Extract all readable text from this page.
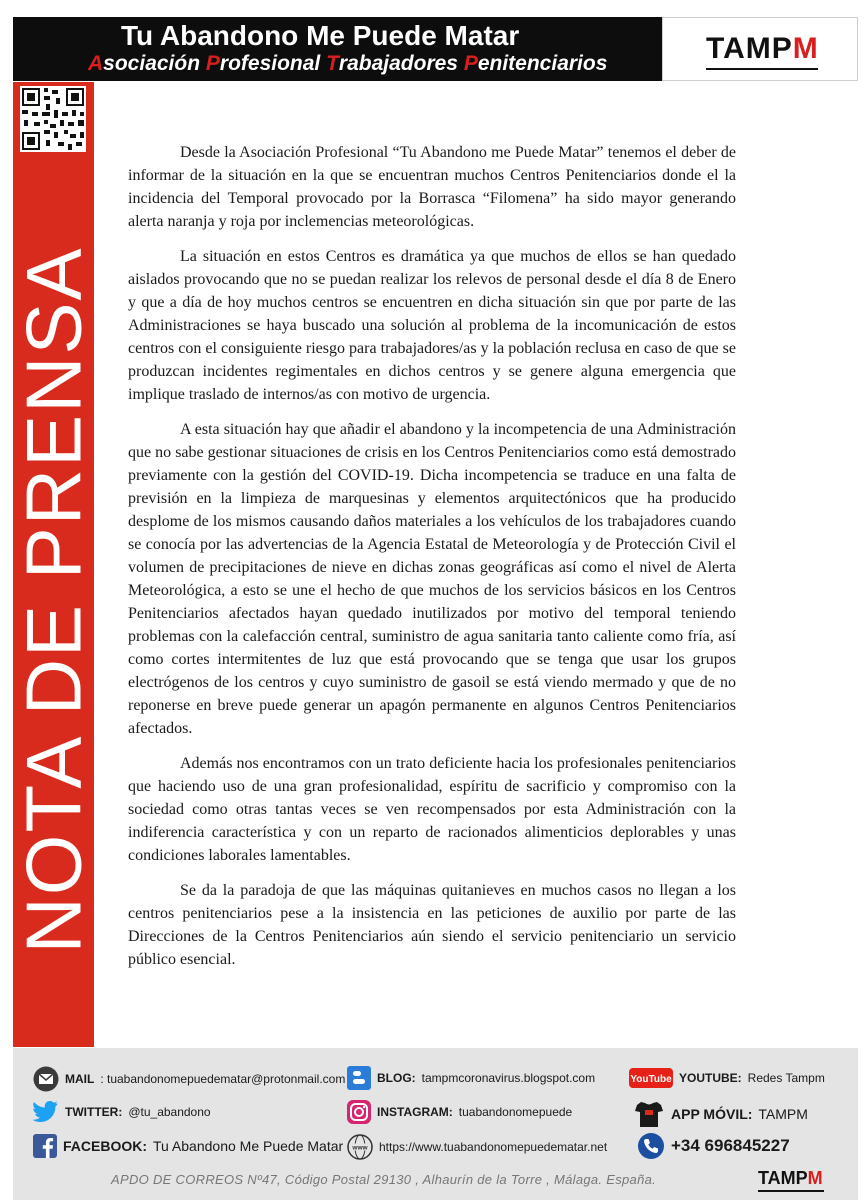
Tu Abandono Me Puede Matar
Asociación Profesional Trabajadores Penitenciarios	TAMPM
NOTA DE PRENSA

Desde la Asociación Profesional “Tu Abandono me Puede Matar” tenemos el deber de informar de la situación en la que se encuentran muchos Centros Penitenciarios donde el la incidencia del Temporal provocado por la Borrasca “Filomena” ha sido mayor generando alerta naranja y roja por inclemencias meteorológicas.

La situación en estos Centros es dramática ya que muchos de ellos se han quedado aislados provocando que no se puedan realizar los relevos de personal desde el día 8 de Enero y que a día de hoy muchos centros se encuentren en dicha situación sin que por parte de las Administraciones se haya buscado una solución al problema de la incomunicación de estos centros con el consiguiente riesgo para trabajadores/as y la población reclusa en caso de que se produzcan incidentes regimentales en dichos centros y se genere alguna emergencia que implique traslado de internos/as con motivo de urgencia.

A esta situación hay que añadir el abandono y la incompetencia de una Administración que no sabe gestionar situaciones de crisis en los Centros Penitenciarios como está demostrado previamente con la gestión del COVID-19. Dicha incompetencia se traduce en una falta de previsión en la limpieza de marquesinas y elementos arquitectónicos que ha producido desplome de los mismos causando daños materiales a los vehículos de los trabajadores cuando se conocía por las advertencias de la Agencia Estatal de Meteorología y de Protección Civil el volumen de precipitaciones de nieve en dichas zonas geográficas así como el nivel de Alerta Meteorológica, a esto se une el hecho de que muchos de los servicios básicos en los Centros Penitenciarios afectados hayan quedado inutilizados por motivo del temporal teniendo problemas con la calefacción central, suministro de agua sanitaria tanto caliente como fría, así como cortes intermitentes de luz que está provocando que se tenga que usar los grupos electrógenos de los centros y cuyo suministro de gasoil se está viendo mermado y que de no reponerse en breve puede generar un apagón permanente en algunos Centros Penitenciarios afectados.

Además nos encontramos con un trato deficiente hacia los profesionales penitenciarios que haciendo uso de una gran profesionalidad, espíritu de sacrificio y compromiso con la sociedad como otras tantas veces se ven recompensados por esta Administración con la indiferencia característica y con un reparto de racionados alimenticios deplorables y unas condiciones laborales lamentables.

Se da la paradoja de que las máquinas quitanieves en muchos casos no llegan a los centros penitenciarios pese a la insistencia en las peticiones de auxilio por parte de las Direcciones de la Centros Penitenciarios aún siendo el servicio penitenciario un servicio público esencial.

MAIL : tuabandonomepuedematar@protonmail.com
TWITTER: @tu_abandono
FACEBOOK: Tu Abandono Me Puede Matar
BLOG: tampmcoronavirus.blogspot.com
INSTAGRAM: tuabandonomepuede
www https://www.tuabandonomepuedematar.net
YouTube YOUTUBE: Redes Tampm
APP MÓVIL: TAMPM
+34 696845227
APDO DE CORREOS Nº47, Código Postal 29130 , Alhaurín de la Torre , Málaga. España.	TAMPM
